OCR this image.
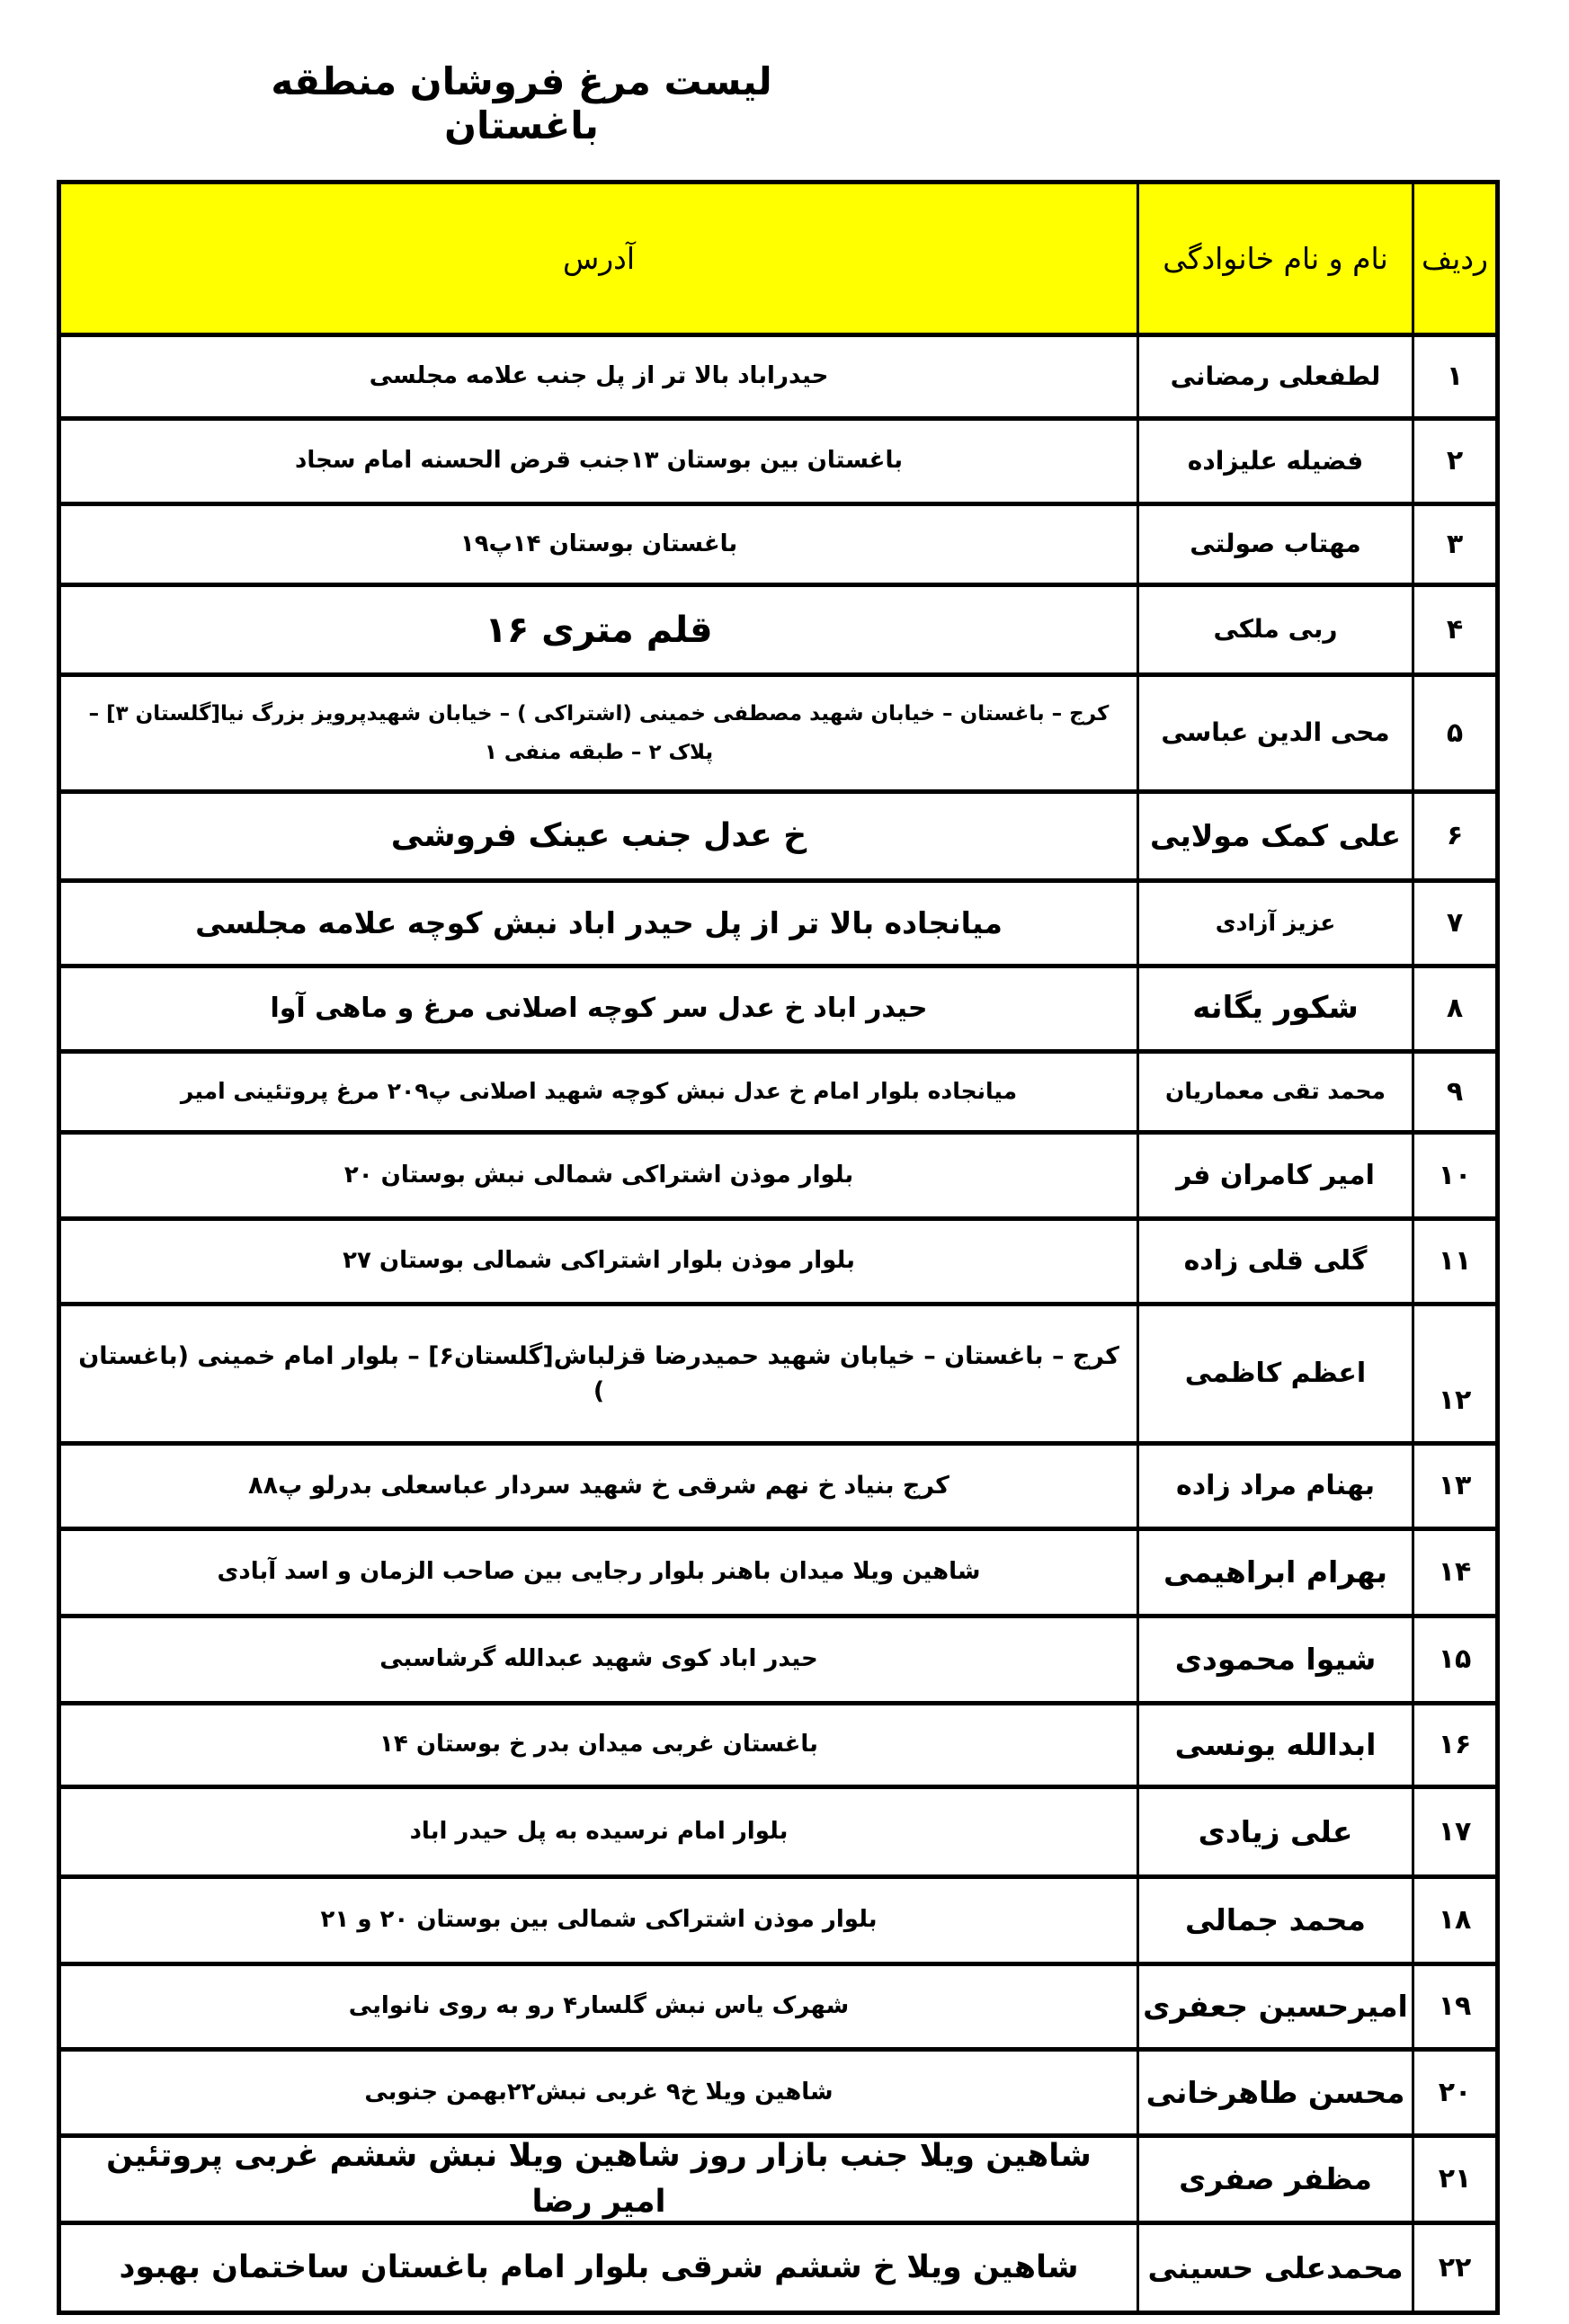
لیست مرغ فروشان منطقه باغستان
ردیف
نام و نام خانوادگی
آدرس
۱
لطفعلی رمضانی
حیدراباد بالا تر از پل جنب علامه مجلسی
۲
فضیله علیزاده
باغستان بین بوستان ۱۳جنب قرض الحسنه امام سجاد
۳
مهتاب صولتی
باغستان بوستان ۱۴پ۱۹
۴
ربی ملکی
قلم متری ۱۶
۵
محی الدین عباسی
کرج – باغستان – خیابان شهید مصطفی خمینی (اشتراکی ) – خیابان شهیدپرویز بزرگ نیا[گلستان ۳] – پلاک ۲ – طبقه منفی ۱
۶
علی کمک مولایی
خ عدل جنب عینک فروشی
۷
عزیز آزادی
میانجاده بالا تر از پل حیدر اباد نبش کوچه علامه مجلسی
۸
شکور یگانه
حیدر اباد خ عدل سر کوچه اصلانی مرغ و ماهی آوا
۹
محمد تقی معماریان
میانجاده بلوار امام خ عدل نبش کوچه شهید اصلانی پ۲۰۹ مرغ پروتئینی امیر
۱۰
امیر کامران فر
بلوار موذن اشتراکی شمالی نبش بوستان ۲۰
۱۱
گلی قلی زاده
بلوار موذن بلوار اشتراکی شمالی بوستان ۲۷
۱۲
اعظم کاظمی
کرج – باغستان – خیابان شهید حمیدرضا قزلباش[گلستان۶] – بلوار امام خمینی (باغستان )
۱۳
بهنام مراد زاده
کرج بنیاد خ نهم شرقی خ شهید سردار عباسعلی بدرلو پ۸۸
۱۴
بهرام ابراهیمی
شاهین ویلا میدان باهنر بلوار رجایی بین صاحب الزمان و اسد آبادی
۱۵
شیوا محمودی
حیدر اباد کوی شهید عبدالله گرشاسبی
۱۶
ابدالله یونسی
باغستان غربی میدان بدر خ بوستان ۱۴
۱۷
علی زیادی
بلوار امام نرسیده به پل حیدر اباد
۱۸
محمد جمالی
بلوار موذن اشتراکی شمالی بین بوستان ۲۰ و ۲۱
۱۹
امیرحسین جعفری
شهرک یاس نبش گلسار۴ رو به روی نانوایی
۲۰
محسن طاهرخانی
شاهین ویلا خ۹ غربی نبش۲۲بهمن جنوبی
۲۱
مظفر صفری
شاهین ویلا جنب بازار روز شاهین ویلا نبش ششم غربی پروتئین امیر رضا
۲۲
محمدعلی حسینی
شاهین ویلا خ ششم شرقی بلوار امام باغستان ساختمان بهبود
